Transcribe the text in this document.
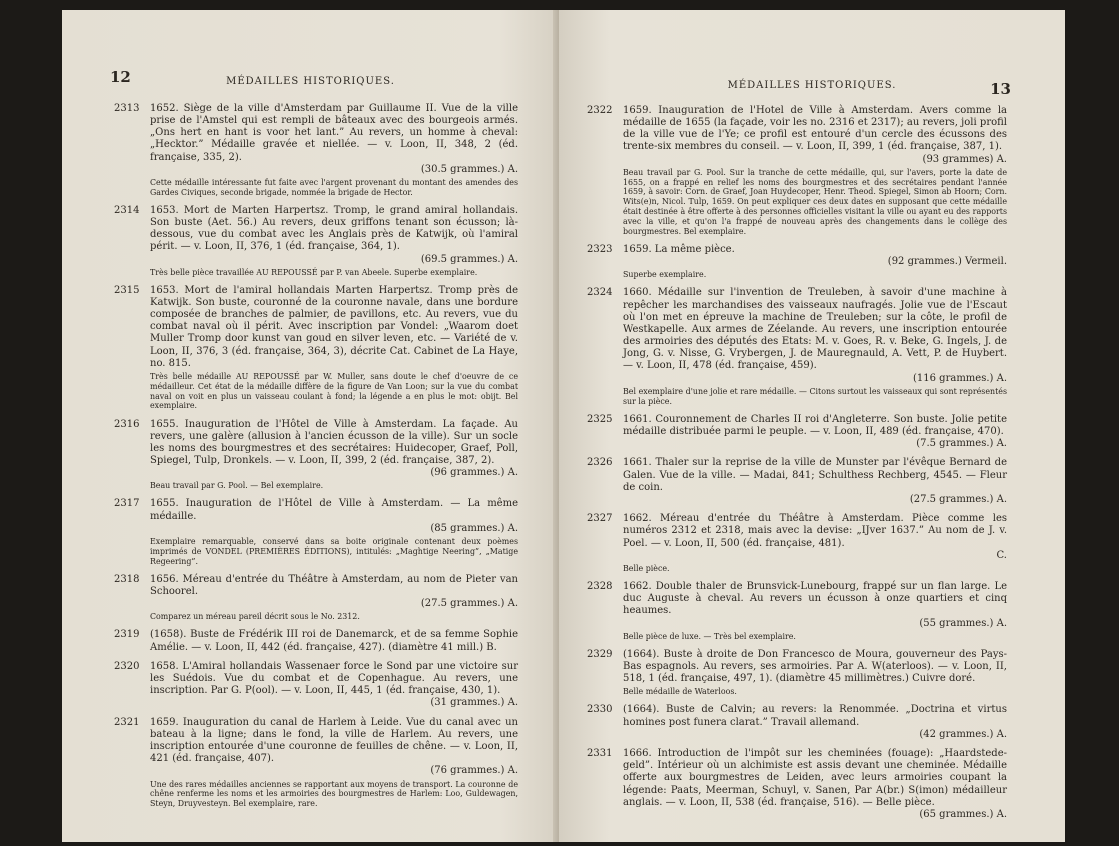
12	MÉDAILLES HISTORIQUES.
2313 1652. Siège de la ville d'Amsterdam par Guillaume II. Vue de la ville prise de l'Amstel qui est rempli de bâteaux avec des bourgeois armés. „Ons hert en hant is voor het lant.” Au revers, un homme à cheval: „Hecktor.” Médaille gravée et niellée. — v. Loon, II, 348, 2 (éd. française, 335, 2).
(30.5 grammes.) A.
Cette médaille intéressante fut faite avec l'argent provenant du montant des amendes des Gardes Civiques, seconde brigade, nommée la brigade de Hector.
2314 1653. Mort de Marten Harpertsz. Tromp, le grand amiral hollandais. Son buste (Aet. 56.) Au revers, deux griffons tenant son écusson; là-dessous, vue du combat avec les Anglais près de Katwijk, où l'amiral périt. — v. Loon, II, 376, 1 (éd. française, 364, 1).
(69.5 grammes.) A.
Très belle pièce travaillée AU REPOUSSÉ par P. van Abeele. Superbe exemplaire.
2315 1653. Mort de l'amiral hollandais Marten Harpertsz. Tromp près de Katwijk. Son buste, couronné de la couronne navale, dans une bordure composée de branches de palmier, de pavillons, etc. Au revers, vue du combat naval où il périt. Avec inscription par Vondel: „Waarom doet Muller Tromp door kunst van goud en silver leven, etc. — Variété de v. Loon, II, 376, 3 (éd. française, 364, 3), décrite Cat. Cabinet de La Haye, no. 815.
Très belle médaille AU REPOUSSÉ par W. Muller, sans doute le chef d'oeuvre de ce médailleur. Cet état de la médaille diffère de la figure de Van Loon; sur la vue du combat naval on voit en plus un vaisseau coulant à fond; la légende a en plus le mot: obijt. Bel exemplaire.
2316 1655. Inauguration de l'Hôtel de Ville à Amsterdam. La façade. Au revers, une galère (allusion à l'ancien écusson de la ville). Sur un socle les noms des bourgmestres et des secrétaires: Huidecoper, Graef, Poll, Spiegel, Tulp, Dronkels. — v. Loon, II, 399, 2 (éd. française, 387, 2).
(96 grammes.) A.
Beau travail par G. Pool. — Bel exemplaire.
2317 1655. Inauguration de l'Hôtel de Ville à Amsterdam. — La même médaille.
(85 grammes.) A.
Exemplaire remarquable, conservé dans sa boite originale contenant deux poèmes imprimés de VONDEL (PREMIÈRES ÉDITIONS), intitulés: „Maghtige Neering”, „Matige Regeering”.
2318 1656. Méreau d'entrée du Théâtre à Amsterdam, au nom de Pieter van Schoorel.
(27.5 grammes.) A.
Comparez un méreau pareil décrit sous le No. 2312.
2319 (1658). Buste de Frédérik III roi de Danemarck, et de sa femme Sophie Amélie. — v. Loon, II, 442 (éd. française, 427). (diamètre 41 mill.) B.
2320 1658. L'Amiral hollandais Wassenaer force le Sond par une victoire sur les Suédois. Vue du combat et de Copenhague. Au revers, une inscription. Par G. P(ool). — v. Loon, II, 445, 1 (éd. française, 430, 1).
(31 grammes.) A.
2321 1659. Inauguration du canal de Harlem à Leide. Vue du canal avec un bateau à la ligne; dans le fond, la ville de Harlem. Au revers, une inscription entourée d'une couronne de feuilles de chêne. — v. Loon, II, 421 (éd. française, 407).
(76 grammes.) A.
Une des rares médailles anciennes se rapportant aux moyens de transport. La couronne de chêne renferme les noms et les armoiries des bourgmestres de Harlem: Loo, Guldewagen, Steyn, Druyvesteyn. Bel exemplaire, rare.
13
MÉDAILLES HISTORIQUES.
2322 1659. Inauguration de l'Hotel de Ville à Amsterdam. Avers comme la médaille de 1655 (la façade, voir les no. 2316 et 2317); au revers, joli profil de la ville vue de l'Ye; ce profil est entouré d'un cercle des écussons des trente-six membres du conseil. — v. Loon, II, 399, 1 (éd. française, 387, 1).
(93 grammes) A.
Beau travail par G. Pool. Sur la tranche de cette médaille, qui, sur l'avers, porte la date de 1655, on a frappé en relief les noms des bourgmestres et des secrétaires pendant l'année 1659, à savoir: Corn. de Graef, Joan Huydecoper, Henr. Theod. Spiegel, Simon ab Hoorn; Corn. Wits(e)n, Nicol. Tulp, 1659. On peut expliquer ces deux dates en supposant que cette médaille était destinée à être offerte à des personnes officielles visitant la ville ou ayant eu des rapports avec la ville, et qu'on l'a frappé de nouveau après des changements dans le collège des bourgmestres. Bel exemplaire.
2323 1659. La même pièce.
(92 grammes.) Vermeil.
Superbe exemplaire.
2324 1660. Médaille sur l'invention de Treuleben, à savoir d'une machine à repêcher les marchandises des vaisseaux naufragés. Jolie vue de l'Escaut où l'on met en épreuve la machine de Treuleben; sur la côte, le profil de Westkapelle. Aux armes de Zéelande. Au revers, une inscription entourée des armoiries des députés des Etats: M. v. Goes, R. v. Beke, G. Ingels, J. de Jong, G. v. Nisse, G. Vrybergen, J. de Mauregnauld, A. Vett, P. de Huybert. — v. Loon, II, 478 (éd. française, 459).
(116 grammes.) A.
Bel exemplaire d'une jolie et rare médaille. — Citons surtout les vaisseaux qui sont représentés sur la pièce.
2325 1661. Couronnement de Charles II roi d'Angleterre. Son buste. Jolie petite médaille distribuée parmi le peuple. — v. Loon, II, 489 (éd. française, 470).
(7.5 grammes.) A.
2326 1661. Thaler sur la reprise de la ville de Munster par l'évêque Bernard de Galen. Vue de la ville. — Madai, 841; Schulthess Rechberg, 4545. — Fleur de coin.
(27.5 grammes.) A.
2327 1662. Méreau d'entrée du Théâtre à Amsterdam. Pièce comme les numéros 2312 et 2318, mais avec la devise: „IJver 1637.” Au nom de J. v. Poel. — v. Loon, II, 500 (éd. française, 481).
C.
Belle pièce.
2328 1662. Double thaler de Brunsvick-Lunebourg, frappé sur un flan large. Le duc Auguste à cheval. Au revers un écusson à onze quartiers et cinq heaumes.
(55 grammes.) A.
Belle pièce de luxe. — Très bel exemplaire.
2329 (1664). Buste à droite de Don Francesco de Moura, gouverneur des Pays-Bas espagnols. Au revers, ses armoiries. Par A. W(aterloos). — v. Loon, II, 518, 1 (éd. française, 497, 1). (diamètre 45 millimètres.) Cuivre doré.
Belle médaille de Waterloos.
2330 (1664). Buste de Calvin; au revers: la Renommée. „Doctrina et virtus homines post funera clarat.” Travail allemand.
(42 grammes.) A.
2331 1666. Introduction de l'impôt sur les cheminées (fouage): „Haardstede-geld”. Intérieur où un alchimiste est assis devant une cheminée. Médaille offerte aux bourgmestres de Leiden, avec leurs armoiries coupant la légende: Paats, Meerman, Schuyl, v. Sanen, Par A(br.) S(imon) médailleur anglais. — v. Loon, II, 538 (éd. française, 516). — Belle pièce.
(65 grammes.) A.
